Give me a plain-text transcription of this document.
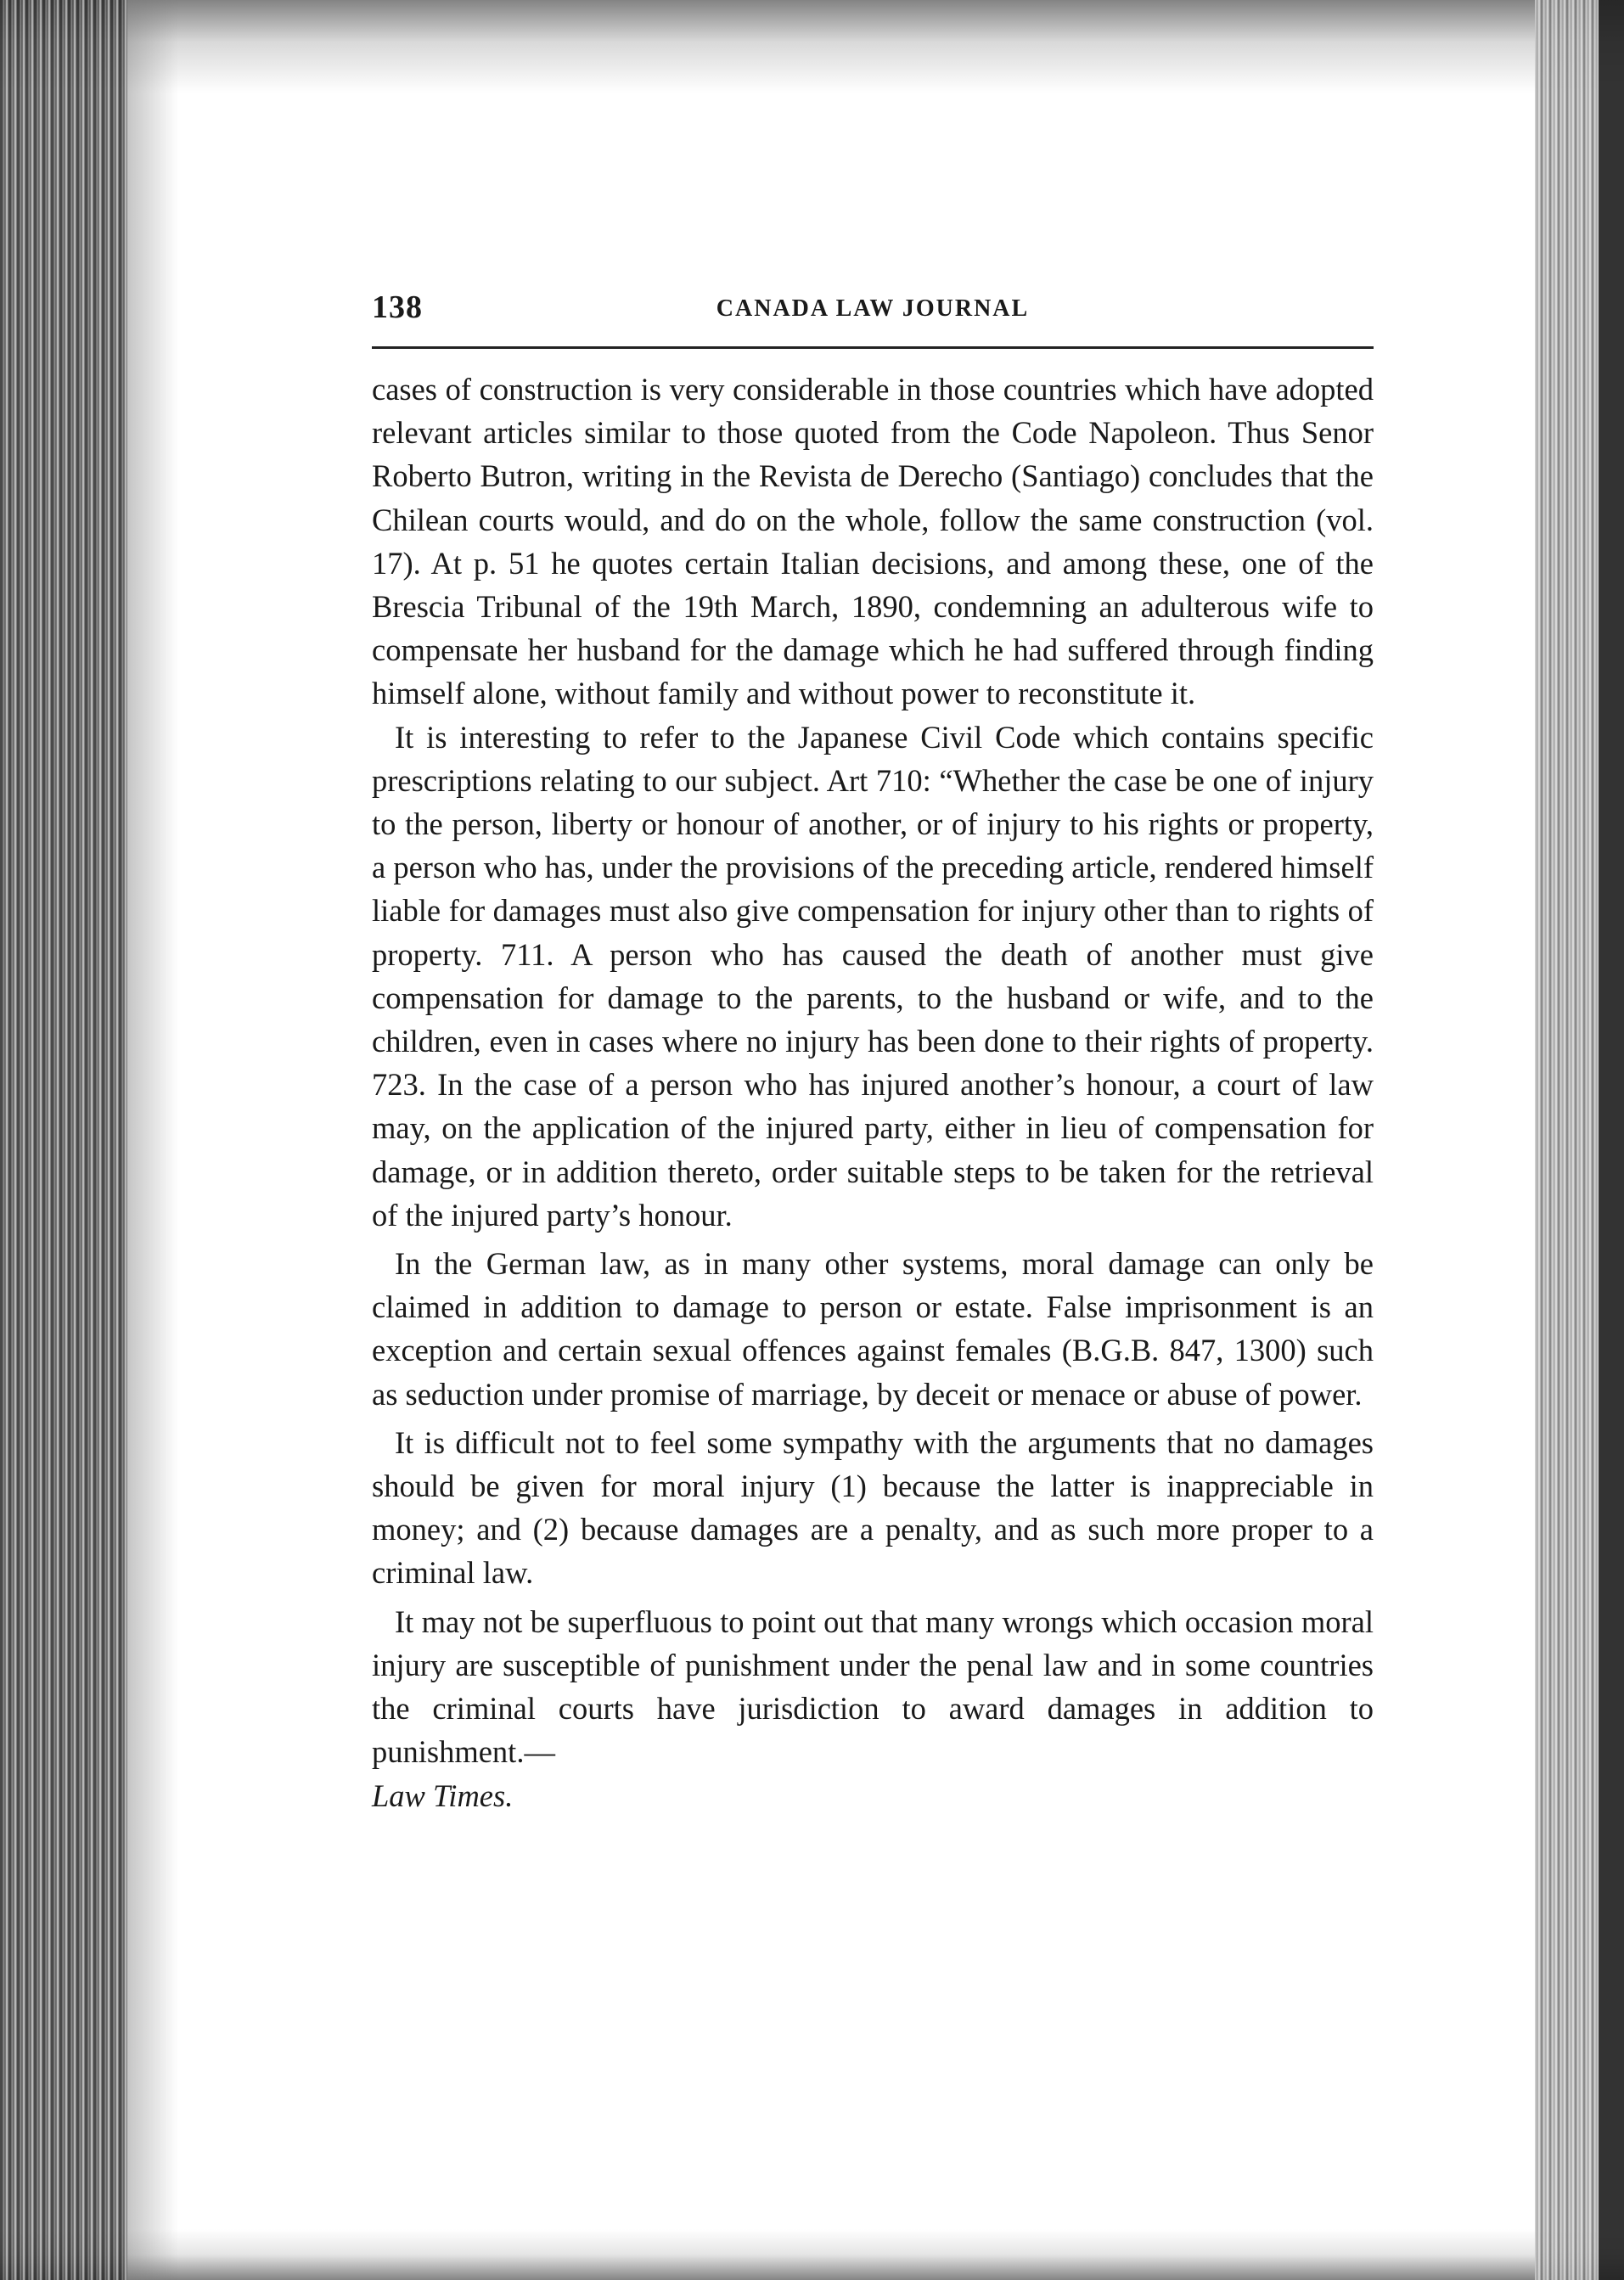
138	CANADA LAW JOURNAL

cases of construction is very considerable in those countries which have adopted relevant articles similar to those quoted from the Code Napoleon. Thus Senor Roberto Butron, writing in the Revista de Derecho (Santiago) concludes that the Chilean courts would, and do on the whole, follow the same construction (vol. 17). At p. 51 he quotes certain Italian decisions, and among these, one of the Brescia Tribunal of the 19th March, 1890, condemning an adulterous wife to compensate her husband for the damage which he had suffered through finding himself alone, without family and without power to reconstitute it.

It is interesting to refer to the Japanese Civil Code which contains specific prescriptions relating to our subject. Art 710: “Whether the case be one of injury to the person, liberty or honour of another, or of injury to his rights or property, a person who has, under the provisions of the preceding article, rendered himself liable for damages must also give compensation for injury other than to rights of property. 711. A person who has caused the death of another must give compensation for damage to the parents, to the husband or wife, and to the children, even in cases where no injury has been done to their rights of property. 723. In the case of a person who has injured another’s honour, a court of law may, on the application of the injured party, either in lieu of compensation for damage, or in addition thereto, order suitable steps to be taken for the retrieval of the injured party’s honour.

In the German law, as in many other systems, moral damage can only be claimed in addition to damage to person or estate. False imprisonment is an exception and certain sexual offences against females (B.G.B. 847, 1300) such as seduction under promise of marriage, by deceit or menace or abuse of power.

It is difficult not to feel some sympathy with the arguments that no damages should be given for moral injury (1) because the latter is inappreciable in money; and (2) because damages are a penalty, and as such more proper to a criminal law.

It may not be superfluous to point out that many wrongs which occasion moral injury are susceptible of punishment under the penal law and in some countries the criminal courts have jurisdiction to award damages in addition to punishment.—

Law Times.
